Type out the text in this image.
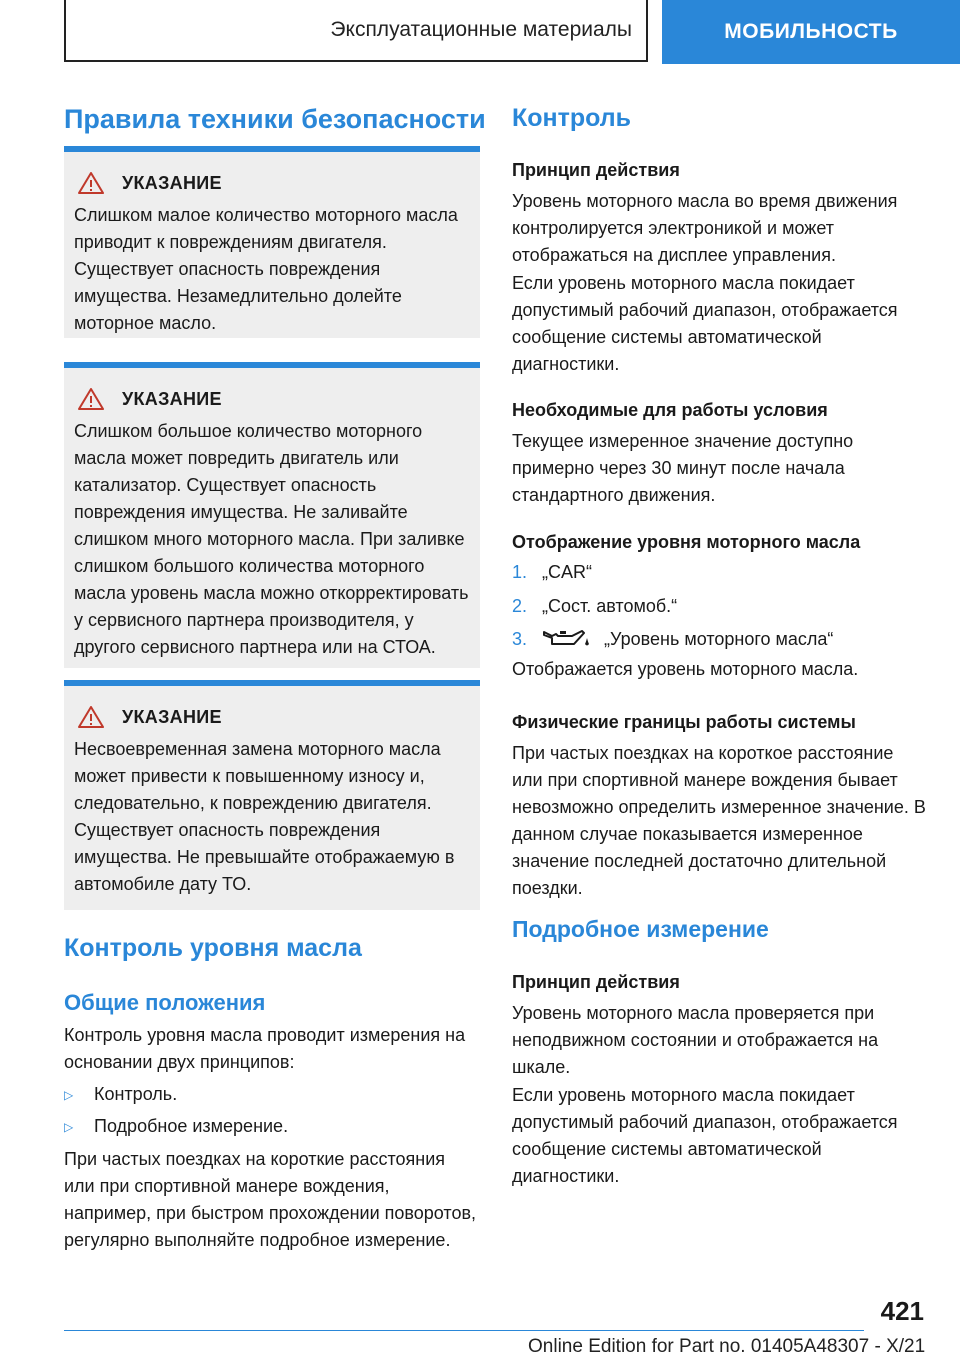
Эксплуатационные материалы	МОБИЛЬНОСТЬ
Правила техники безопасности
УКАЗАНИЕ
Слишком малое количество моторного масла приводит к повреждениям двигателя. Существует опасность повреждения имущества. Незамедлительно долейте моторное масло.
УКАЗАНИЕ
Слишком большое количество моторного масла может повредить двигатель или катализатор. Существует опасность повреждения имущества. Не заливайте слишком много моторного масла. При заливке слишком большого количества моторного масла уровень масла можно откорректировать у сервисного партнера производителя, у другого сервисного партнера или на СТОА.
УКАЗАНИЕ
Несвоевременная замена моторного масла может привести к повышенному износу и, следовательно, к повреждению двигателя. Существует опасность повреждения имущества. Не превышайте отображаемую в автомобиле дату ТО.
Контроль уровня масла
Общие положения
Контроль уровня масла проводит измерения на основании двух принципов:
▷	Контроль.
▷	Подробное измерение.
При частых поездках на короткие расстояния или при спортивной манере вождения, например, при быстром прохождении поворотов, регулярно выполняйте подробное измерение.
Контроль
Принцип действия
Уровень моторного масла во время движения контролируется электроникой и может отображаться на дисплее управления.
Если уровень моторного масла покидает допустимый рабочий диапазон, отображается сообщение системы автоматической диагностики.
Необходимые для работы условия
Текущее измеренное значение доступно примерно через 30 минут после начала стандартного движения.
Отображение уровня моторного масла
1. „CAR“
2. „Сост. автомоб.“
3.	„Уровень моторного масла“
Отображается уровень моторного масла.
Физические границы работы системы
При частых поездках на короткое расстояние или при спортивной манере вождения бывает невозможно определить измеренное значение. В данном случае показывается измеренное значение последней достаточно длительной поездки.
Подробное измерение
Принцип действия
Уровень моторного масла проверяется при неподвижном состоянии и отображается на шкале.
Если уровень моторного масла покидает допустимый рабочий диапазон, отображается сообщение системы автоматической диагностики.
421
Online Edition for Part no. 01405A48307 - X/21
